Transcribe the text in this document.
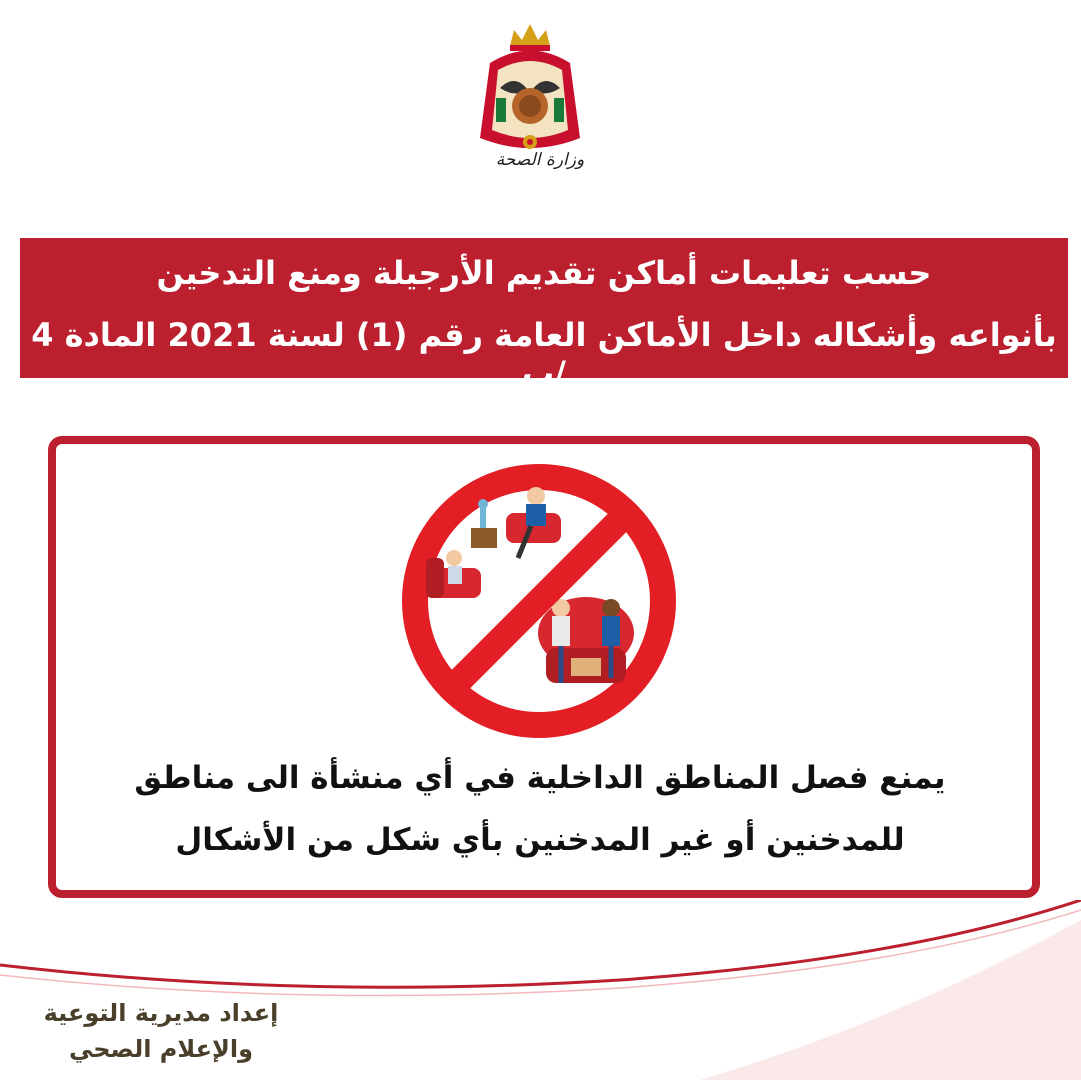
وزارة الصحة
حسب تعليمات أماكن تقديم الأرجيلة ومنع التدخين
بأنواعه وأشكاله داخل الأماكن العامة رقم (1) لسنة 2021 المادة 4 /ب
يمنع فصل المناطق الداخلية في أي منشأة الى مناطق
للمدخنين أو غير المدخنين بأي شكل من الأشكال
إعداد مديرية التوعية
والإعلام الصحي
